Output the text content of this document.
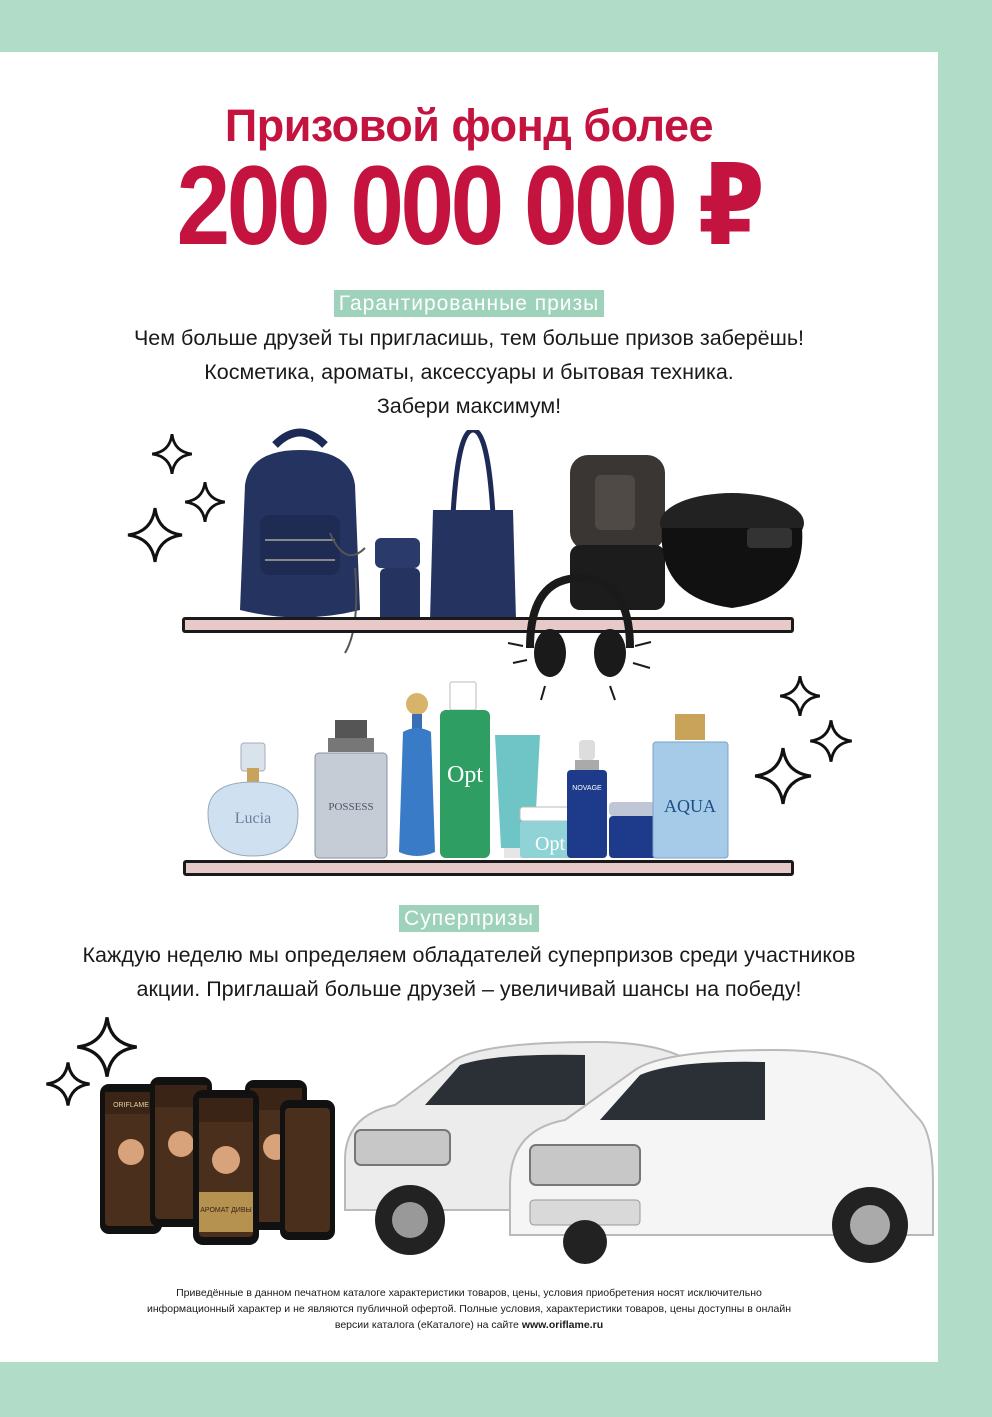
Призовой фонд более
200 000 000 ₽
Гарантированные призы
Чем больше друзей ты пригласишь, тем больше призов заберёшь!
Косметика, ароматы, аксессуары и бытовая техника.
Забери максимум!
Lucia
POSSESS
Opt
Opt
NOVAGE
AQUA
Суперпризы
Каждую неделю мы определяем обладателей суперпризов среди участников
акции. Приглашай больше друзей – увеличивай шансы на победу!
ORIFLAME
АРОМАТ ДИВЫ
Приведённые в данном печатном каталоге характеристики товаров, цены, условия приобретения носят исключительно
информационный характер и не являются публичной офертой. Полные условия, характеристики товаров, цены доступны в онлайн
версии каталога (еКаталоге) на сайте www.oriflame.ru
